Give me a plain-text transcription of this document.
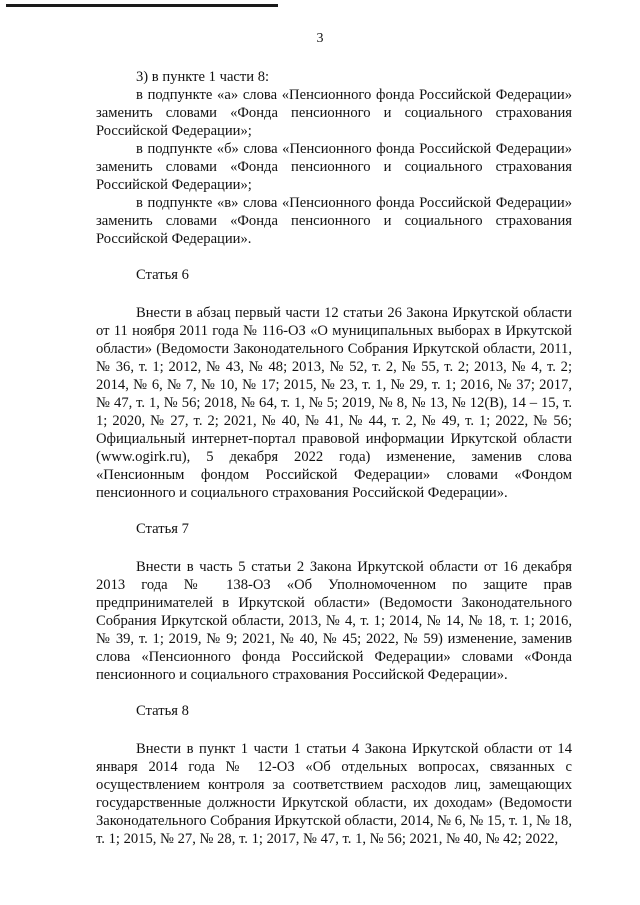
3

3) в пункте 1 части 8:

в подпункте «а» слова «Пенсионного фонда Российской Федерации» заменить словами «Фонда пенсионного и социального страхования Российской Федерации»;

в подпункте «б» слова «Пенсионного фонда Российской Федерации» заменить словами «Фонда пенсионного и социального страхования Российской Федерации»;

в подпункте «в» слова «Пенсионного фонда Российской Федерации» заменить словами «Фонда пенсионного и социального страхования Российской Федерации».

Статья 6

Внести в абзац первый части 12 статьи 26 Закона Иркутской области от 11 ноября 2011 года № 116-ОЗ «О муниципальных выборах в Иркутской области» (Ведомости Законодательного Собрания Иркутской области, 2011, № 36, т. 1; 2012, № 43, № 48; 2013, № 52, т. 2, № 55, т. 2; 2013, № 4, т. 2; 2014, № 6, № 7, № 10, № 17; 2015, № 23, т. 1, № 29, т. 1; 2016, № 37; 2017, № 47, т. 1, № 56; 2018, № 64, т. 1, № 5; 2019, № 8, № 13, № 12(В), 14 – 15, т. 1; 2020, № 27, т. 2; 2021, № 40, № 41, № 44, т. 2, № 49, т. 1; 2022, № 56; Официальный интернет-портал правовой информации Иркутской области (www.ogirk.ru), 5 декабря 2022 года) изменение, заменив слова «Пенсионным фондом Российской Федерации» словами «Фондом пенсионного и социального страхования Российской Федерации».

Статья 7

Внести в часть 5 статьи 2 Закона Иркутской области от 16 декабря 2013 года № 138-ОЗ «Об Уполномоченном по защите прав предпринимателей в Иркутской области» (Ведомости Законодательного Собрания Иркутской области, 2013, № 4, т. 1; 2014, № 14, № 18, т. 1; 2016, № 39, т. 1; 2019, № 9; 2021, № 40, № 45; 2022, № 59) изменение, заменив слова «Пенсионного фонда Российской Федерации» словами «Фонда пенсионного и социального страхования Российской Федерации».

Статья 8

Внести в пункт 1 части 1 статьи 4 Закона Иркутской области от 14 января 2014 года № 12-ОЗ «Об отдельных вопросах, связанных с осуществлением контроля за соответствием расходов лиц, замещающих государственные должности Иркутской области, их доходам» (Ведомости Законодательного Собрания Иркутской области, 2014, № 6, № 15, т. 1, № 18, т. 1; 2015, № 27, № 28, т. 1; 2017, № 47, т. 1, № 56; 2021, № 40, № 42; 2022,
